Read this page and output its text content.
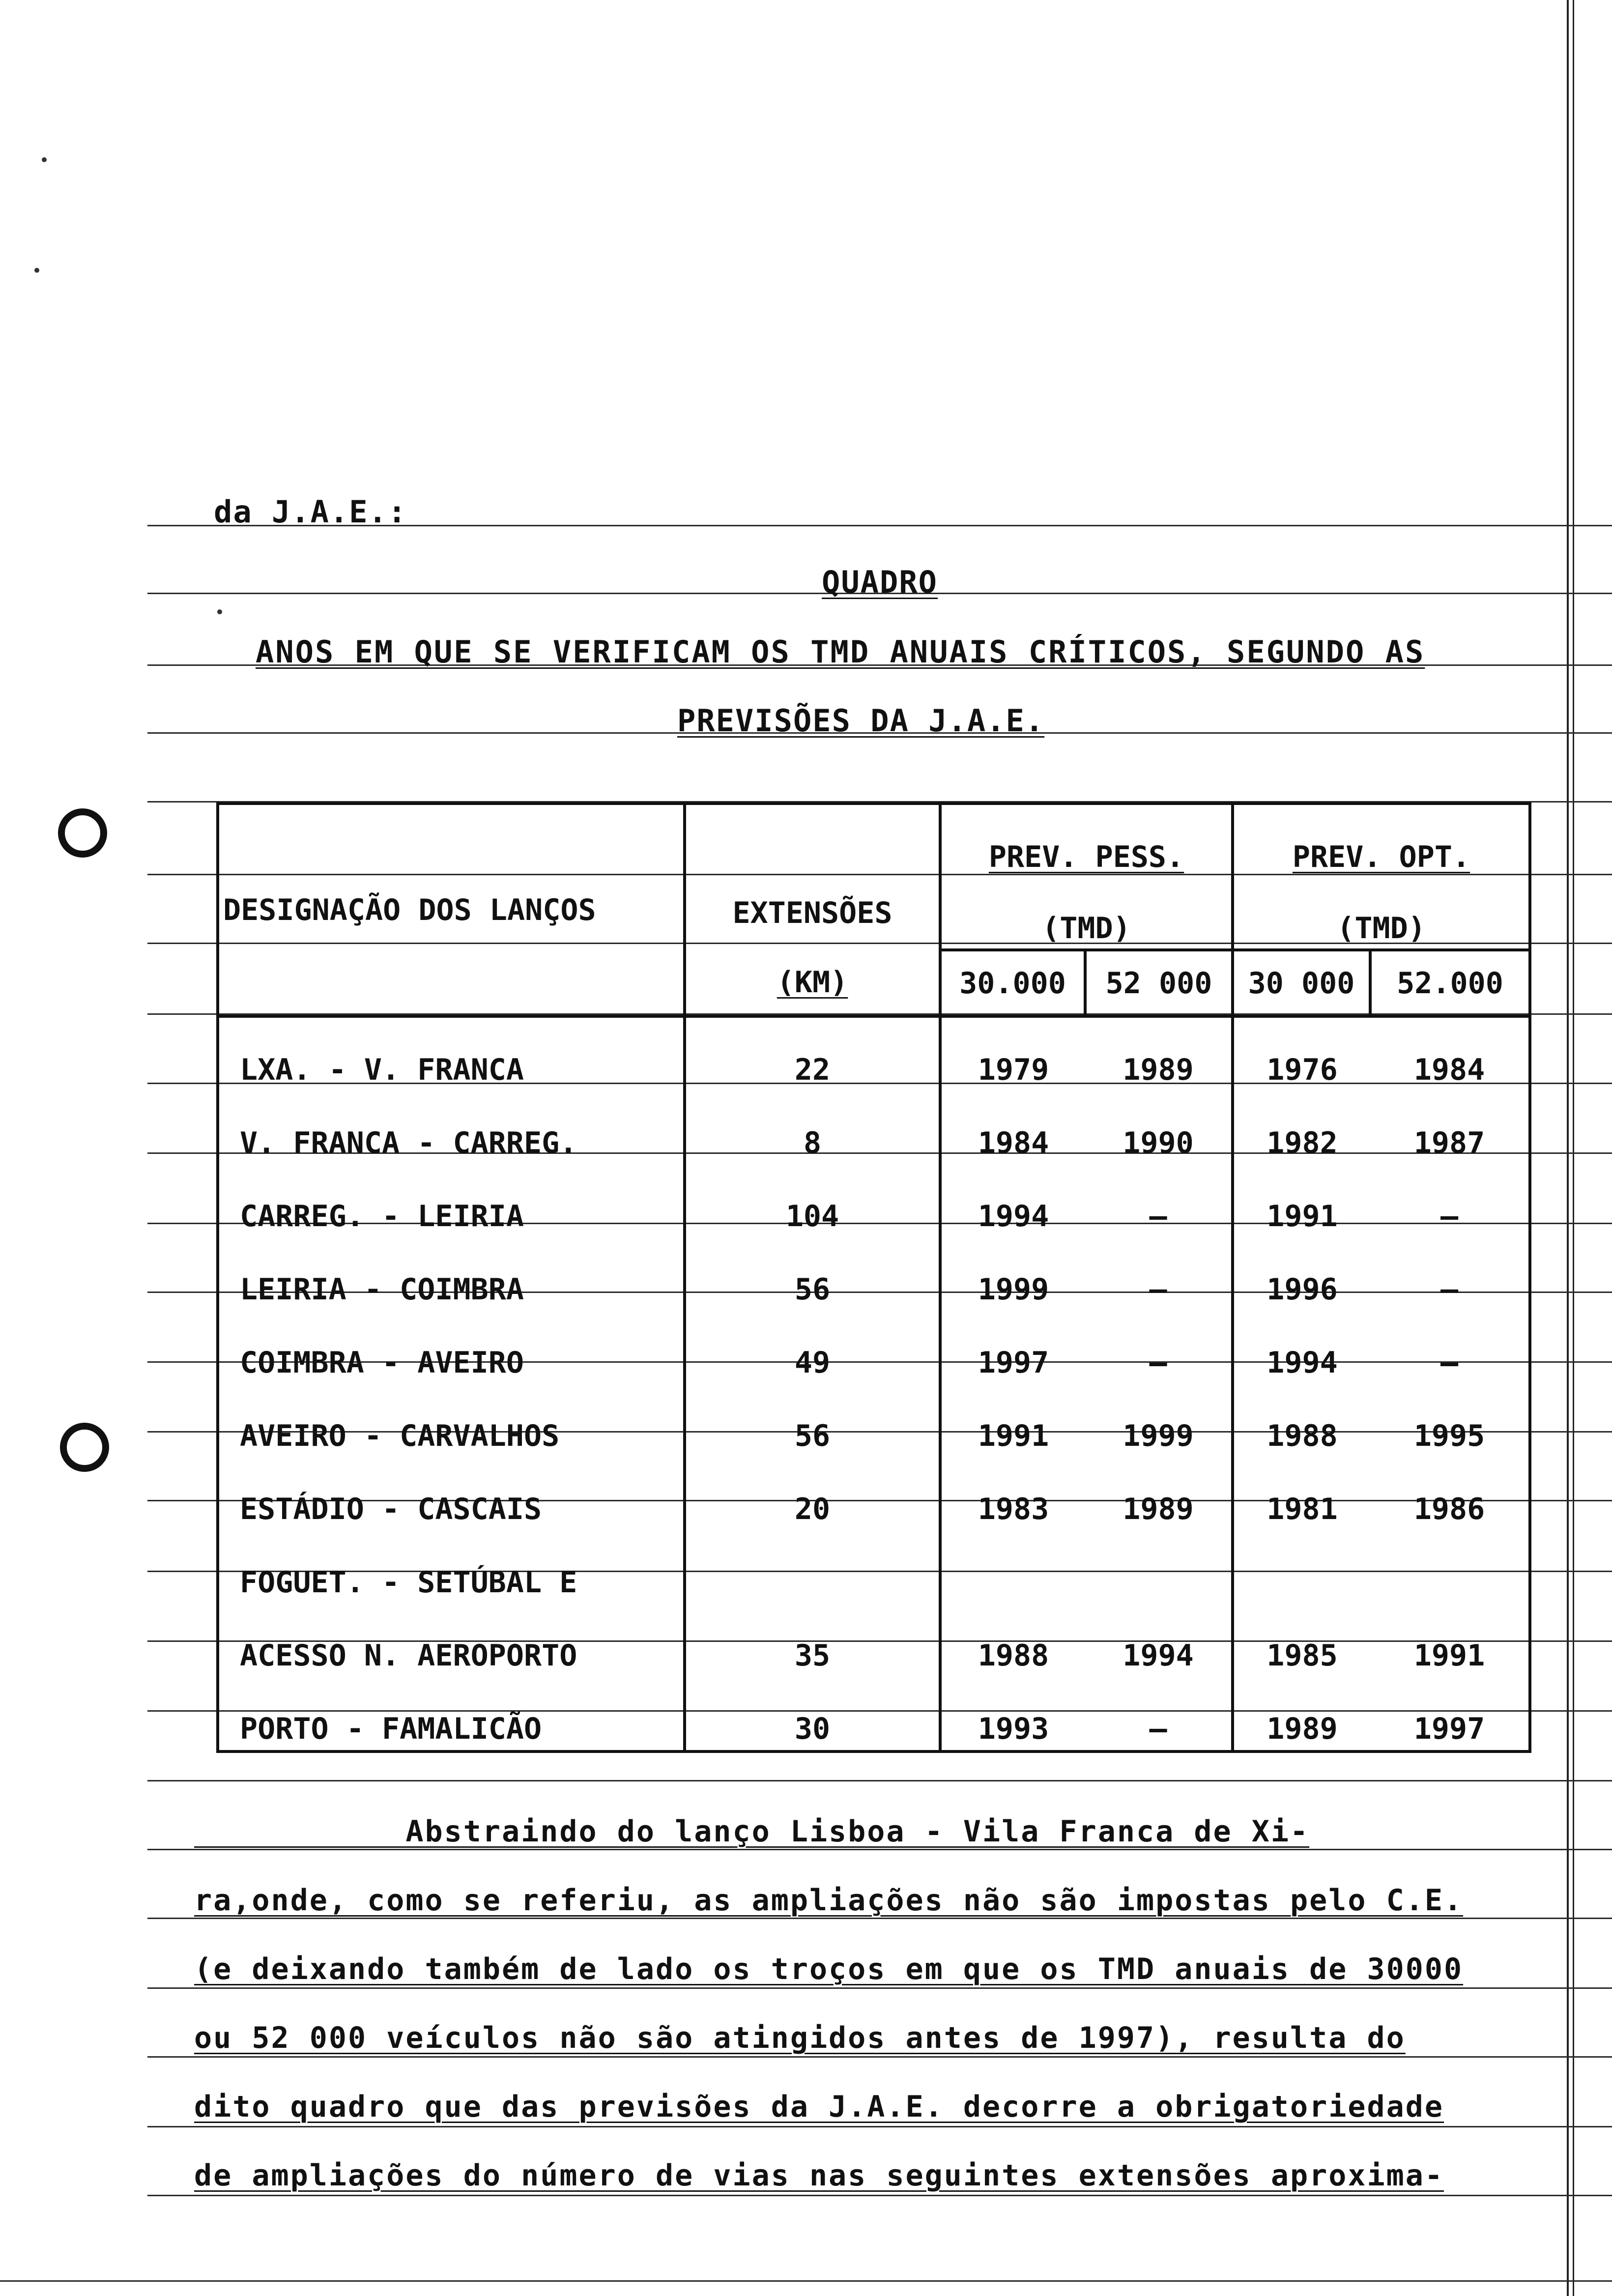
da J.A.E.:
QUADRO
ANOS EM QUE SE VERIFICAM OS TMD ANUAIS CRÍTICOS, SEGUNDO AS
PREVISÕES DA J.A.E.
DESIGNAÇÃO DOS LANÇOS	EXTENSÕES	PREV. PESS.		PREV. OPT.	
		(TMD)		(TMD)	
	(KM)	30.000	52 000	30 000	52.000
LXA. - V. FRANCA	22	1979	1989	1976	1984
V. FRANCA - CARREG.	8	1984	1990	1982	1987
CARREG. - LEIRIA	104	1994	—	1991	—
LEIRIA - COIMBRA	56	1999	—	1996	—
COIMBRA - AVEIRO	49	1997	—	1994	—
AVEIRO - CARVALHOS	56	1991	1999	1988	1995
ESTÁDIO - CASCAIS	20	1983	1989	1981	1986
FOGUET. - SETÚBAL E					
ACESSO N. AEROPORTO	35	1988	1994	1985	1991
PORTO - FAMALICÃO	30	1993	—	1989	1997
Abstraindo do lanço Lisboa - Vila Franca de Xi-
ra,onde, como se referiu, as ampliações não são impostas pelo C.E.
(e deixando também de lado os troços em que os TMD anuais de 30000
ou 52 000 veículos não são atingidos antes de 1997), resulta do
dito quadro que das previsões da J.A.E. decorre a obrigatoriedade
de ampliações do número de vias nas seguintes extensões aproxima-
